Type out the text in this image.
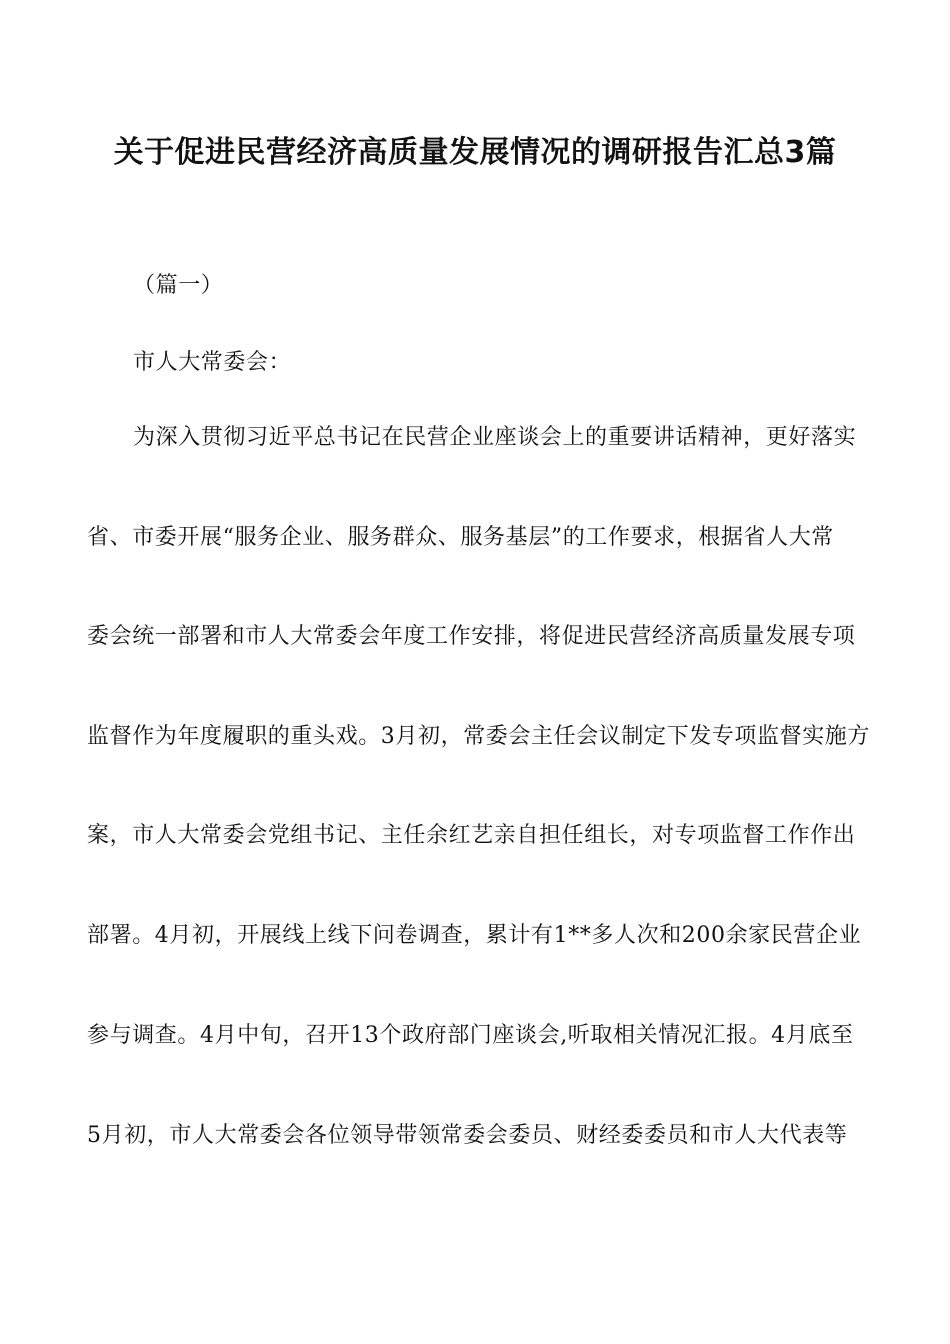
关于促进民营经济高质量发展情况的调研报告汇总3篇
（篇一）
市人大常委会：
为深入贯彻习近平总书记在民营企业座谈会上的重要讲话精神，更好落实
省、市委开展“服务企业、服务群众、服务基层”的工作要求，根据省人大常
委会统一部署和市人大常委会年度工作安排，将促进民营经济高质量发展专项
监督作为年度履职的重头戏。3月初，常委会主任会议制定下发专项监督实施方
案，市人大常委会党组书记、主任余红艺亲自担任组长，对专项监督工作作出
部署。4月初，开展线上线下问卷调查，累计有1**多人次和200余家民营企业
参与调查。4月中旬，召开13个政府部门座谈会,听取相关情况汇报。4月底至
5月初，市人大常委会各位领导带领常委会委员、财经委委员和市人大代表等
